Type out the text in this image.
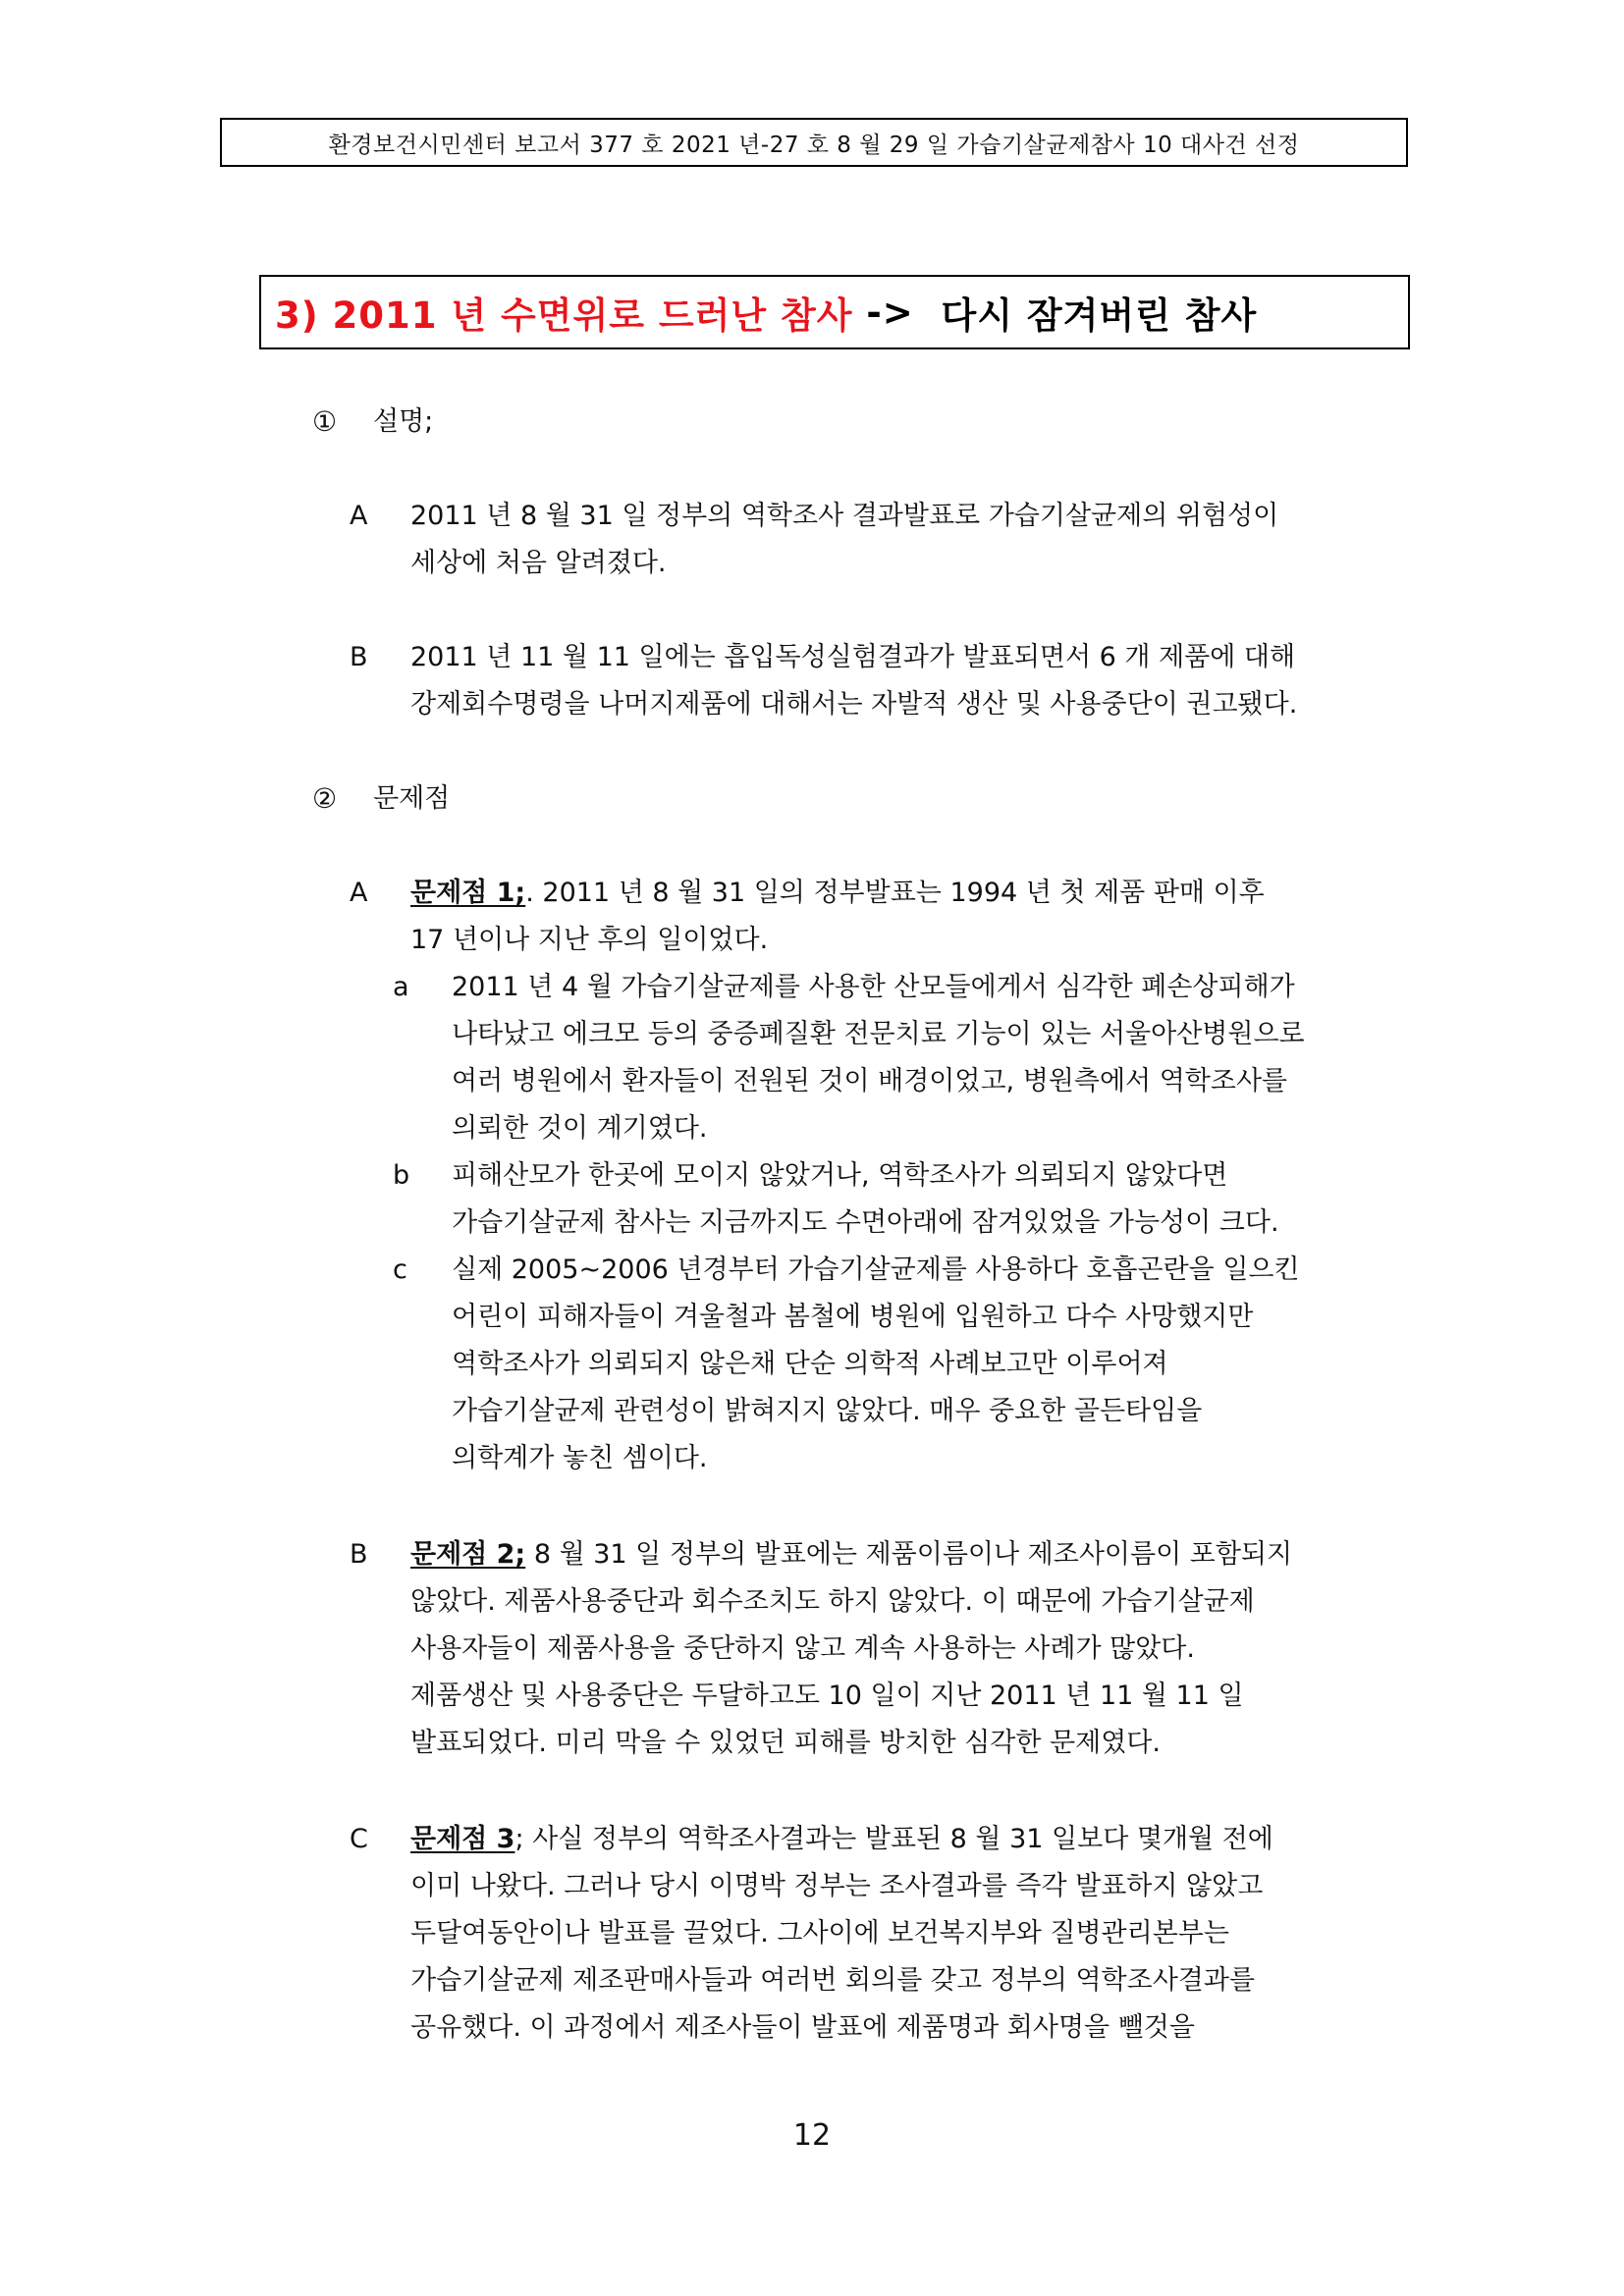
환경보건시민센터 보고서 377 호 2021 년-27 호 8 월 29 일 가습기살균제참사 10 대사건 선정
3) 2011 년 수면위로 드러난 참사
->
다시 잠겨버린 참사
① 설명;
A 2011 년 8 월 31 일 정부의 역학조사 결과발표로 가습기살균제의 위험성이
세상에 처음 알려졌다.
B 2011 년 11 월 11 일에는 흡입독성실험결과가 발표되면서 6 개 제품에 대해
강제회수명령을 나머지제품에 대해서는 자발적 생산 및 사용중단이 권고됐다.
② 문제점
A 문제점 1;. 2011 년 8 월 31 일의 정부발표는 1994 년 첫 제품 판매 이후
17 년이나 지난 후의 일이었다.
a 2011 년 4 월 가습기살균제를 사용한 산모들에게서 심각한 폐손상피해가
나타났고 에크모 등의 중증폐질환 전문치료 기능이 있는 서울아산병원으로
여러 병원에서 환자들이 전원된 것이 배경이었고, 병원측에서 역학조사를
의뢰한 것이 계기였다.
b 피해산모가 한곳에 모이지 않았거나, 역학조사가 의뢰되지 않았다면
가습기살균제 참사는 지금까지도 수면아래에 잠겨있었을 가능성이 크다.
c 실제 2005~2006 년경부터 가습기살균제를 사용하다 호흡곤란을 일으킨
어린이 피해자들이 겨울철과 봄철에 병원에 입원하고 다수 사망했지만
역학조사가 의뢰되지 않은채 단순 의학적 사례보고만 이루어져
가습기살균제 관련성이 밝혀지지 않았다. 매우 중요한 골든타임을
의학계가 놓친 셈이다.
B 문제점 2; 8 월 31 일 정부의 발표에는 제품이름이나 제조사이름이 포함되지
않았다. 제품사용중단과 회수조치도 하지 않았다. 이 때문에 가습기살균제
사용자들이 제품사용을 중단하지 않고 계속 사용하는 사례가 많았다.
제품생산 및 사용중단은 두달하고도 10 일이 지난 2011 년 11 월 11 일
발표되었다. 미리 막을 수 있었던 피해를 방치한 심각한 문제였다.
C 문제점 3; 사실 정부의 역학조사결과는 발표된 8 월 31 일보다 몇개월 전에
이미 나왔다. 그러나 당시 이명박 정부는 조사결과를 즉각 발표하지 않았고
두달여동안이나 발표를 끌었다. 그사이에 보건복지부와 질병관리본부는
가습기살균제 제조판매사들과 여러번 회의를 갖고 정부의 역학조사결과를
공유했다. 이 과정에서 제조사들이 발표에 제품명과 회사명을 뺄것을
12
